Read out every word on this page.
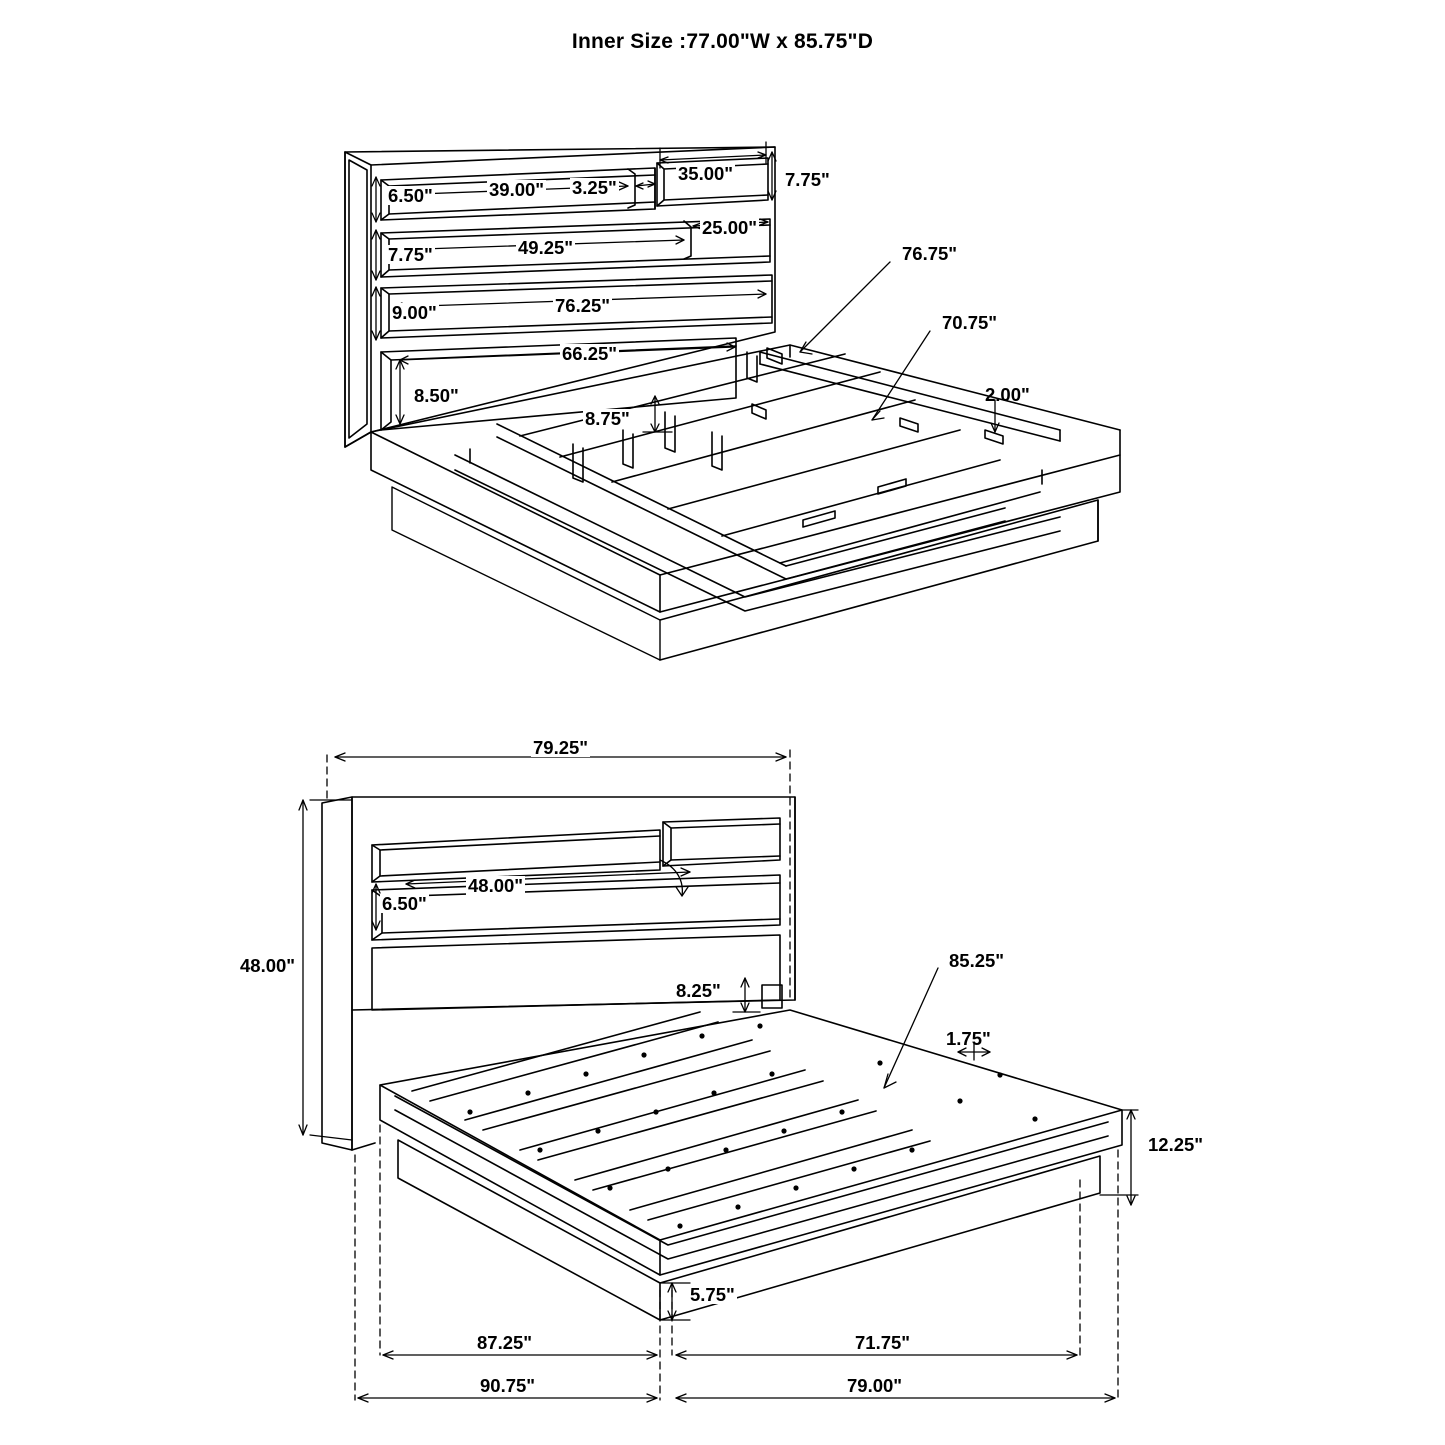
Inner Size :77.00"W x 85.75"D
6.50"	39.00" 3.25"
35.00"	7.75"
25.00"
7.75"	49.25"
9.00"	76.25"
66.25"
8.50"
8.75"
76.75"
70.75"
2.00"
79.25"
48.00"
6.50"
48.00"
8.25"
85.25"
1.75"
12.25"
5.75"
87.25"	71.75"
90.75"	79.00"
